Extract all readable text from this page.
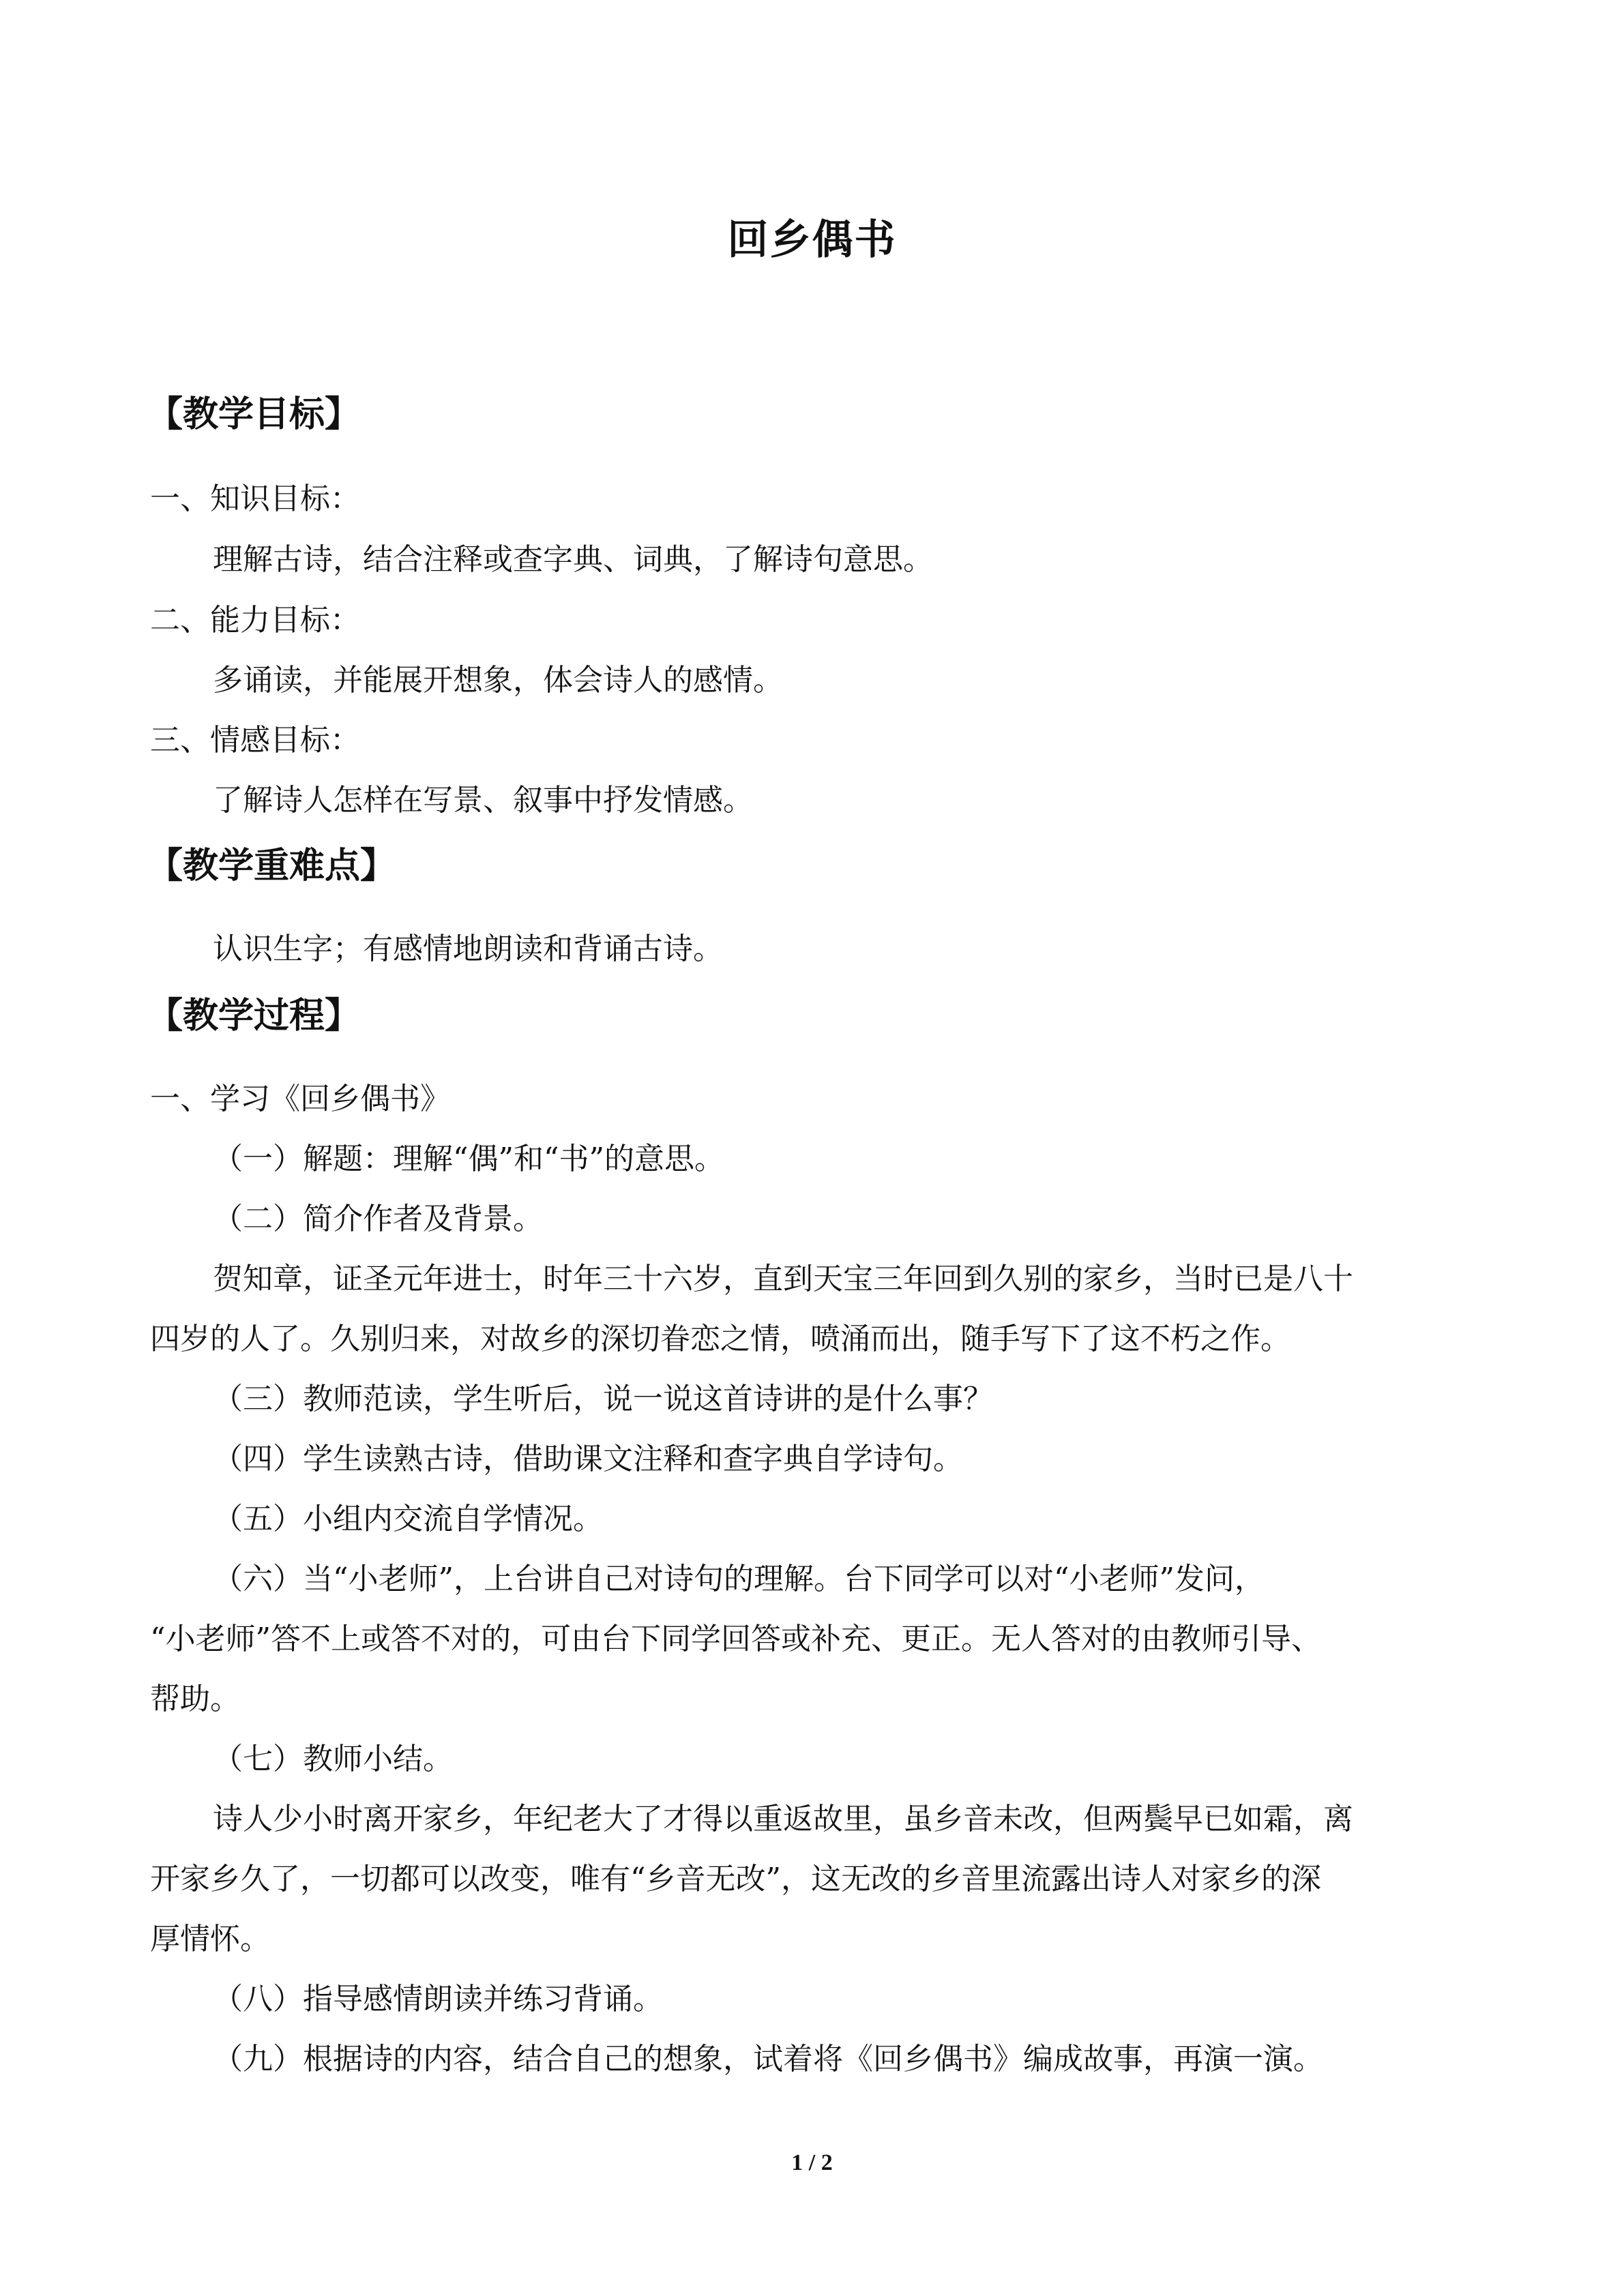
回乡偶书
【教学目标】
一、知识目标：
理解古诗，结合注释或查字典、词典，了解诗句意思。
二、能力目标：
多诵读，并能展开想象，体会诗人的感情。
三、情感目标：
了解诗人怎样在写景、叙事中抒发情感。
【教学重难点】
认识生字；有感情地朗读和背诵古诗。
【教学过程】
一、学习《回乡偶书》
（一）解题：理解“偶”和“书”的意思。
（二）简介作者及背景。
贺知章，证圣元年进士，时年三十六岁，直到天宝三年回到久别的家乡，当时已是八十
四岁的人了。久别归来，对故乡的深切眷恋之情，喷涌而出，随手写下了这不朽之作。
（三）教师范读，学生听后，说一说这首诗讲的是什么事？
（四）学生读熟古诗，借助课文注释和查字典自学诗句。
（五）小组内交流自学情况。
（六）当“小老师”，上台讲自己对诗句的理解。台下同学可以对“小老师”发问，
“小老师”答不上或答不对的，可由台下同学回答或补充、更正。无人答对的由教师引导、
帮助。
（七）教师小结。
诗人少小时离开家乡，年纪老大了才得以重返故里，虽乡音未改，但两鬓早已如霜，离
开家乡久了，一切都可以改变，唯有“乡音无改”，这无改的乡音里流露出诗人对家乡的深
厚情怀。
（八）指导感情朗读并练习背诵。
（九）根据诗的内容，结合自己的想象，试着将《回乡偶书》编成故事，再演一演。
1 / 2
